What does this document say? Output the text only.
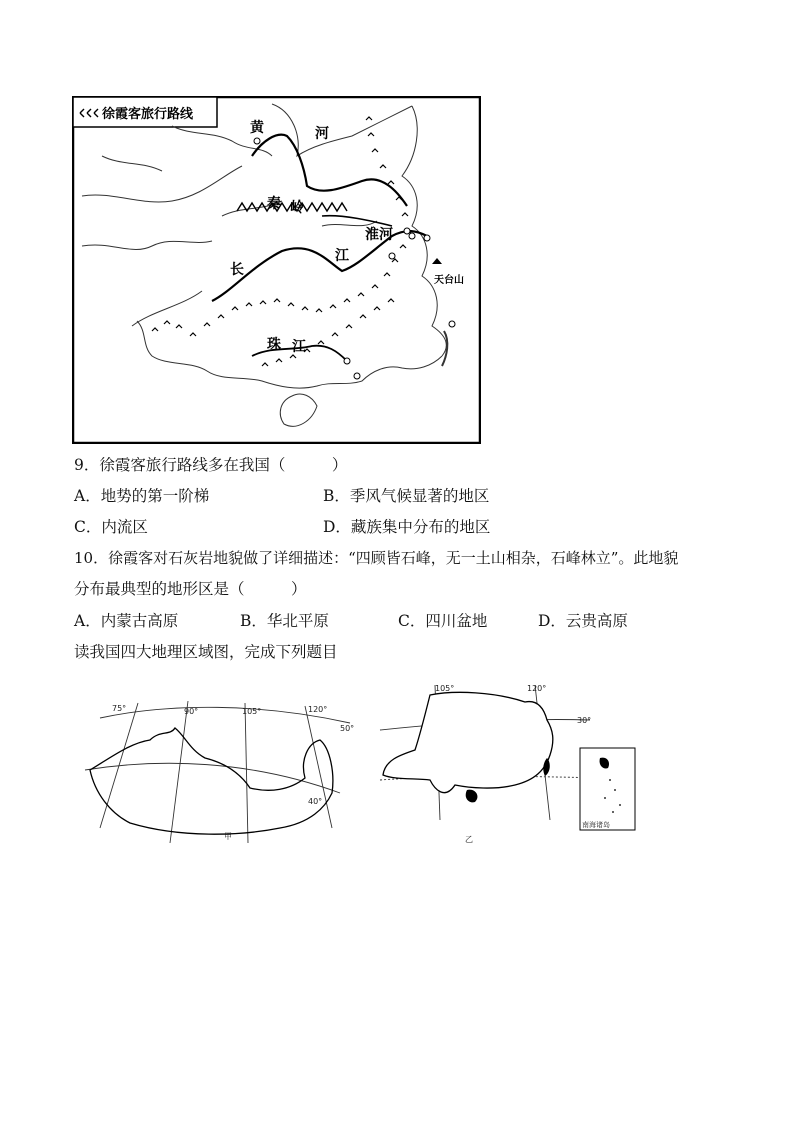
徐霞客旅行路线
黄	河
秦 岭
淮河
江
长
珠 江
天台山
9．徐霞客旅行路线多在我国（　　　）
A．地势的第一阶梯	B．季风气候显著的地区
C．内流区	D．藏族集中分布的地区
10．徐霞客对石灰岩地貌做了详细描述：“四顾皆石峰，无一土山相杂，石峰林立”。此地貌
分布最典型的地形区是（　　　）
A．内蒙古高原	B．华北平原	C．四川盆地	D．云贵高原
读我国四大地理区域图，完成下列题目
75°	90°	105°	120°
50°
40°
甲
105°	120°
30°
南海诸岛
乙
